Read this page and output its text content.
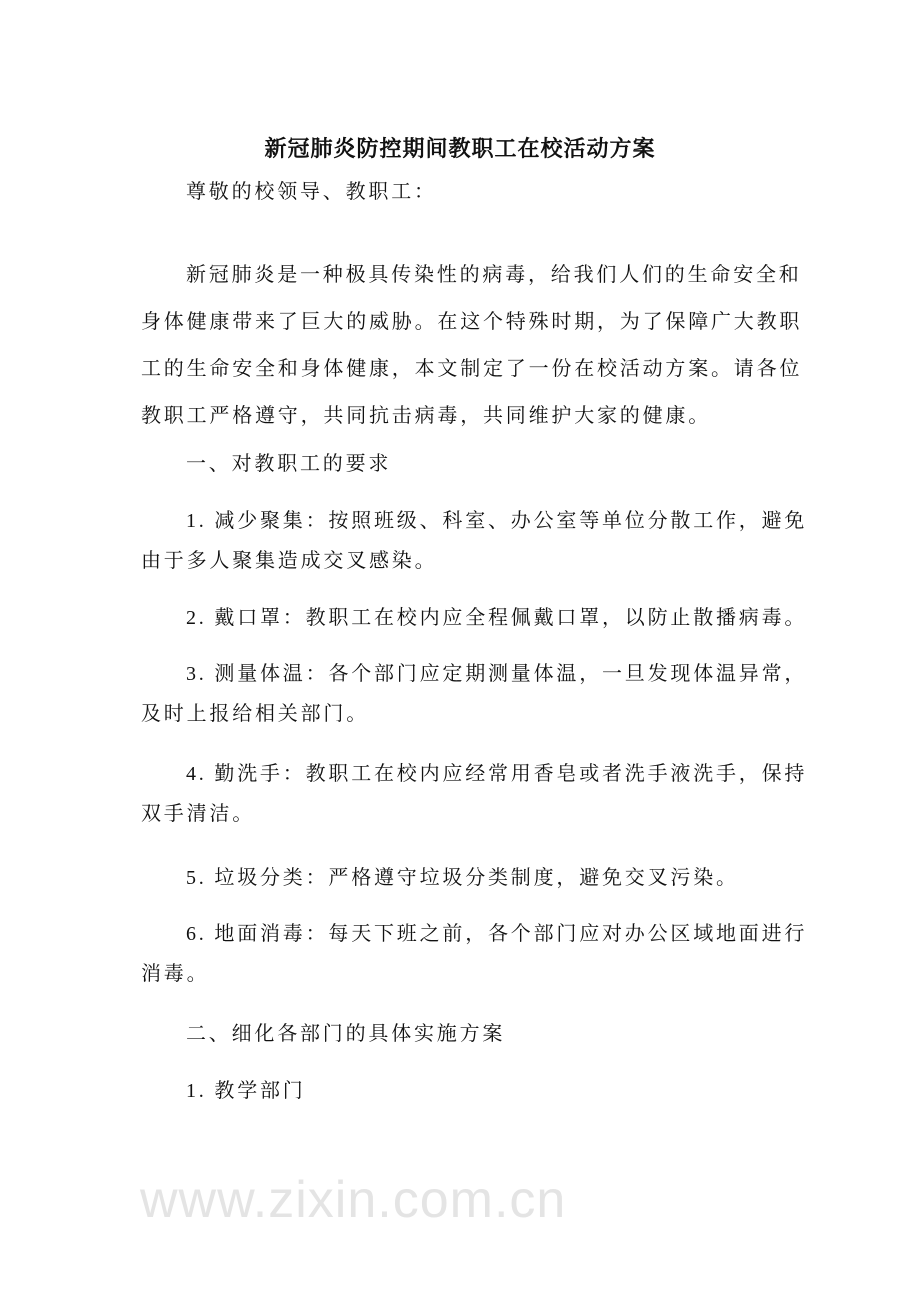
www.zixin.com.cn
新冠肺炎防控期间教职工在校活动方案
尊敬的校领导、教职工：
新冠肺炎是一种极具传染性的病毒，给我们人们的生命安全和
身体健康带来了巨大的威胁。在这个特殊时期，为了保障广大教职
工的生命安全和身体健康，本文制定了一份在校活动方案。请各位
教职工严格遵守，共同抗击病毒，共同维护大家的健康。
一、对教职工的要求
1. 减少聚集：按照班级、科室、办公室等单位分散工作，避免
由于多人聚集造成交叉感染。
2. 戴口罩：教职工在校内应全程佩戴口罩，以防止散播病毒。
3. 测量体温：各个部门应定期测量体温，一旦发现体温异常，
及时上报给相关部门。
4. 勤洗手：教职工在校内应经常用香皂或者洗手液洗手，保持
双手清洁。
5. 垃圾分类：严格遵守垃圾分类制度，避免交叉污染。
6. 地面消毒：每天下班之前，各个部门应对办公区域地面进行
消毒。
二、细化各部门的具体实施方案
1. 教学部门
